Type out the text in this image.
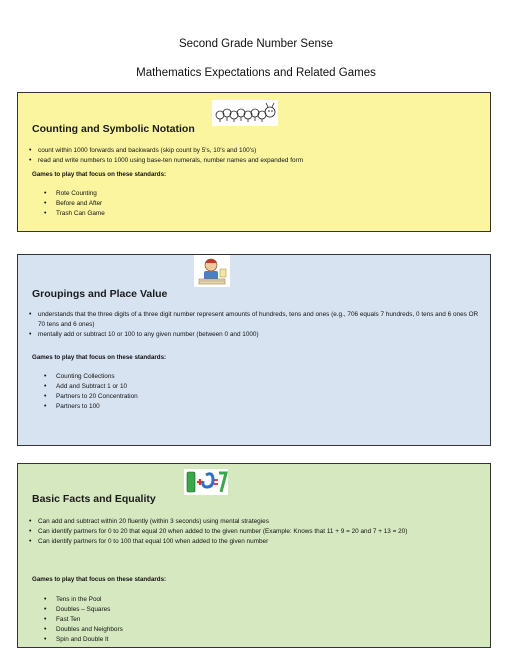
Second Grade Number Sense
Mathematics Expectations and Related Games
Counting and Symbolic Notation
• count within 1000 forwards and backwards (skip count by 5's, 10's and 100's)
• read and write numbers to 1000 using base-ten numerals, number names and expanded form

Games to play that focus on these standards:

• Rote Counting
• Before and After
• Trash Can Game
Groupings and Place Value
• understands that the three digits of a three digit number represent amounts of hundreds, tens and ones (e.g., 706 equals 7 hundreds, 0 tens and 6 ones OR 70 tens and 6 ones)
• mentally add or subtract 10 or 100 to any given number (between 0 and 1000)

Games to play that focus on these standards:

• Counting Collections
• Add and Subtract 1 or 10
• Partners to 20 Concentration
• Partners to 100
Basic Facts and Equality
• Can add and subtract within 20 fluently (within 3 seconds) using mental strategies
• Can identify partners for 0 to 20 that equal 20 when added to the given number (Example: Knows that 11 + 9 = 20 and 7 + 13 = 20)
• Can identify partners for 0 to 100 that equal 100 when added to the given number

Games to play that focus on these standards:

• Tens in the Pool
• Doubles – Squares
• Fast Ten
• Doubles and Neighbors
• Spin and Double It
